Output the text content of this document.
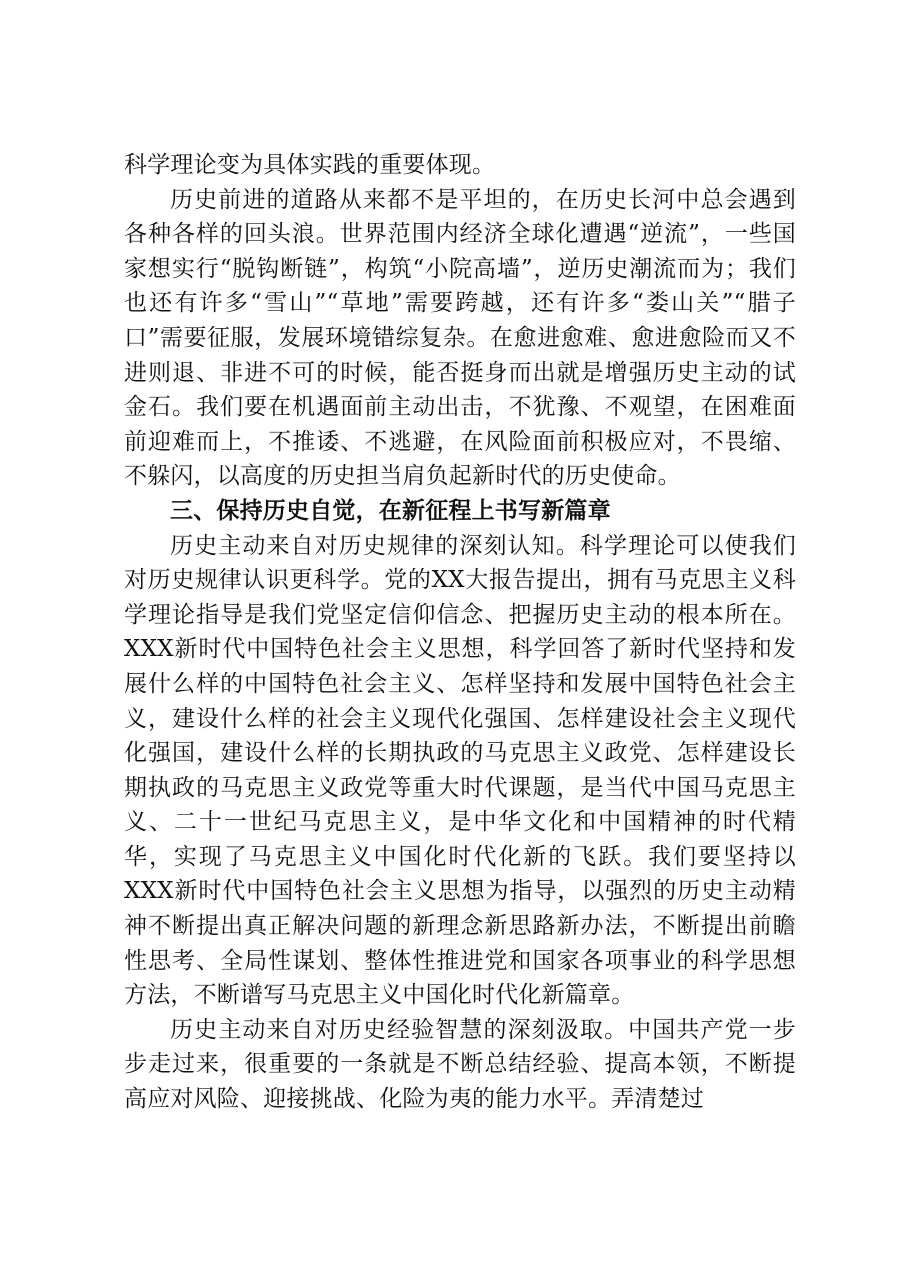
科学理论变为具体实践的重要体现。

历史前进的道路从来都不是平坦的，在历史长河中总会遇到各种各样的回头浪。世界范围内经济全球化遭遇“逆流”，一些国家想实行“脱钩断链”，构筑“小院高墙”，逆历史潮流而为；我们也还有许多“雪山”“草地”需要跨越，还有许多“娄山关”“腊子口”需要征服，发展环境错综复杂。在愈进愈难、愈进愈险而又不进则退、非进不可的时候，能否挺身而出就是增强历史主动的试金石。我们要在机遇面前主动出击，不犹豫、不观望，在困难面前迎难而上，不推诿、不逃避，在风险面前积极应对，不畏缩、不躲闪，以高度的历史担当肩负起新时代的历史使命。

三、保持历史自觉，在新征程上书写新篇章

历史主动来自对历史规律的深刻认知。科学理论可以使我们对历史规律认识更科学。党的XX大报告提出，拥有马克思主义科学理论指导是我们党坚定信仰信念、把握历史主动的根本所在。XXX新时代中国特色社会主义思想，科学回答了新时代坚持和发展什么样的中国特色社会主义、怎样坚持和发展中国特色社会主义，建设什么样的社会主义现代化强国、怎样建设社会主义现代化强国，建设什么样的长期执政的马克思主义政党、怎样建设长期执政的马克思主义政党等重大时代课题，是当代中国马克思主义、二十一世纪马克思主义，是中华文化和中国精神的时代精华，实现了马克思主义中国化时代化新的飞跃。我们要坚持以XXX新时代中国特色社会主义思想为指导，以强烈的历史主动精神不断提出真正解决问题的新理念新思路新办法，不断提出前瞻性思考、全局性谋划、整体性推进党和国家各项事业的科学思想方法，不断谱写马克思主义中国化时代化新篇章。

历史主动来自对历史经验智慧的深刻汲取。中国共产党一步步走过来，很重要的一条就是不断总结经验、提高本领，不断提高应对风险、迎接挑战、化险为夷的能力水平。弄清楚过
